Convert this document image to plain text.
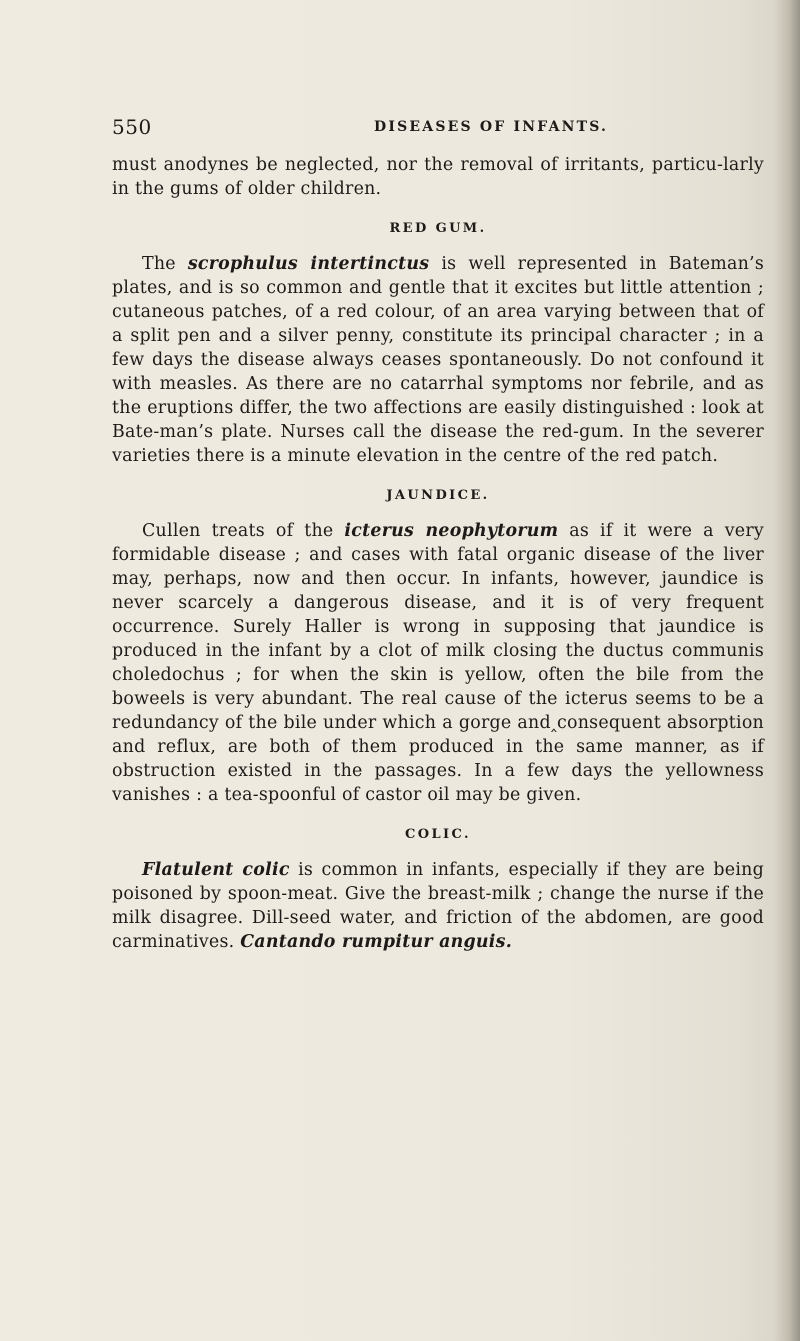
550	DISEASES OF INFANTS.

must anodynes be neglected, nor the removal of irritants, particu-larly in the gums of older children.

RED GUM.

The scrophulus intertinctus is well represented in Bateman’s plates, and is so common and gentle that it excites but little attention ; cutaneous patches, of a red colour, of an area varying between that of a split pen and a silver penny, constitute its principal character ; in a few days the disease always ceases spontaneously. Do not confound it with measles. As there are no catarrhal symptoms nor febrile, and as the eruptions differ, the two affections are easily distinguished : look at Bate-man’s plate. Nurses call the disease the red-gum. In the severer varieties there is a minute elevation in the centre of the red patch.

JAUNDICE.

Cullen treats of the icterus neophytorum as if it were a very formidable disease ; and cases with fatal organic disease of the liver may, perhaps, now and then occur. In infants, however, jaundice is never scarcely a dangerous disease, and it is of very frequent occurrence. Surely Haller is wrong in supposing that jaundice is produced in the infant by a clot of milk closing the ductus communis choledochus ; for when the skin is yellow, often the bile from the boweels is very abundant. The real cause of the icterus seems to be a redundancy of the bile under which a gorge and‸consequent absorption and reflux, are both of them produced in the same manner, as if obstruction existed in the passages. In a few days the yellowness vanishes : a tea-spoonful of castor oil may be given.

COLIC.

Flatulent colic is common in infants, especially if they are being poisoned by spoon-meat. Give the breast-milk ; change the nurse if the milk disagree. Dill-seed water, and friction of the abdomen, are good carminatives. Cantando rumpitur anguis.
